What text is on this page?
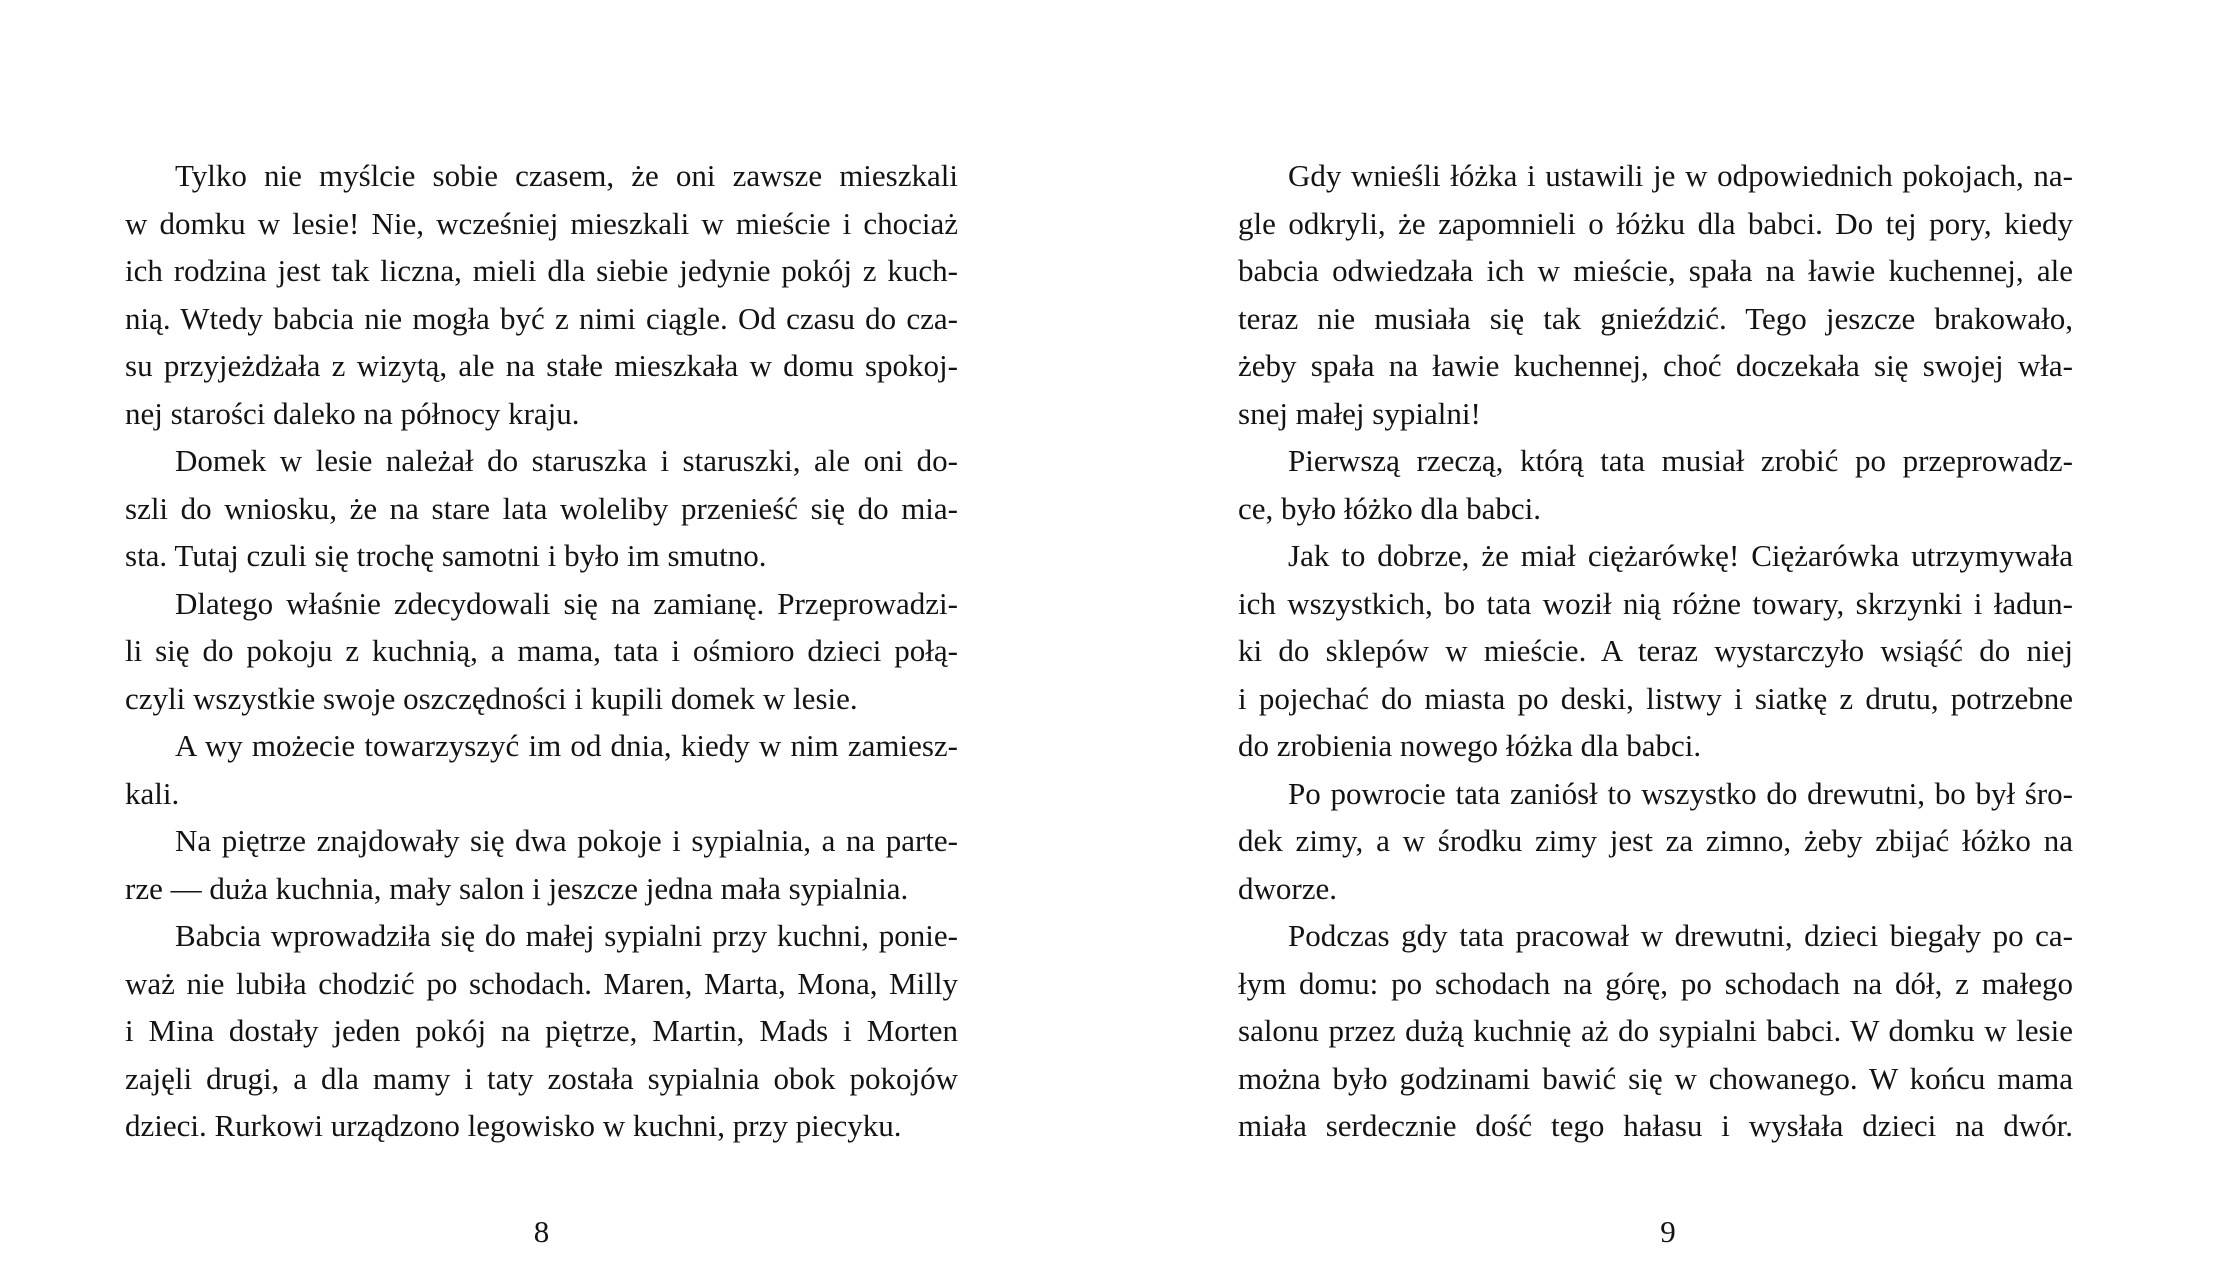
Tylko nie myślcie sobie czasem, że oni zawsze mieszkali
w domku w lesie! Nie, wcześniej mieszkali w mieście i chociaż
ich rodzina jest tak liczna, mieli dla siebie jedynie pokój z kuch-
nią. Wtedy babcia nie mogła być z nimi ciągle. Od czasu do cza-
su przyjeżdżała z wizytą, ale na stałe mieszkała w domu spokoj-
nej starości daleko na północy kraju.
Domek w lesie należał do staruszka i staruszki, ale oni do-
szli do wniosku, że na stare lata woleliby przenieść się do mia-
sta. Tutaj czuli się trochę samotni i było im smutno.
Dlatego właśnie zdecydowali się na zamianę. Przeprowadzi-
li się do pokoju z kuchnią, a mama, tata i ośmioro dzieci połą-
czyli wszystkie swoje oszczędności i kupili domek w lesie.
A wy możecie towarzyszyć im od dnia, kiedy w nim zamiesz-
kali.
Na piętrze znajdowały się dwa pokoje i sypialnia, a na parte-
rze — duża kuchnia, mały salon i jeszcze jedna mała sypialnia.
Babcia wprowadziła się do małej sypialni przy kuchni, ponie-
waż nie lubiła chodzić po schodach. Maren, Marta, Mona, Milly
i Mina dostały jeden pokój na piętrze, Martin, Mads i Morten
zajęli drugi, a dla mamy i taty została sypialnia obok pokojów
dzieci. Rurkowi urządzono legowisko w kuchni, przy piecyku.
8
Gdy wnieśli łóżka i ustawili je w odpowiednich pokojach, na-
gle odkryli, że zapomnieli o łóżku dla babci. Do tej pory, kiedy
babcia odwiedzała ich w mieście, spała na ławie kuchennej, ale
teraz nie musiała się tak gnieździć. Tego jeszcze brakowało,
żeby spała na ławie kuchennej, choć doczekała się swojej wła-
snej małej sypialni!
Pierwszą rzeczą, którą tata musiał zrobić po przeprowadz-
ce, było łóżko dla babci.
Jak to dobrze, że miał ciężarówkę! Ciężarówka utrzymywała
ich wszystkich, bo tata woził nią różne towary, skrzynki i ładun-
ki do sklepów w mieście. A teraz wystarczyło wsiąść do niej
i pojechać do miasta po deski, listwy i siatkę z drutu, potrzebne
do zrobienia nowego łóżka dla babci.
Po powrocie tata zaniósł to wszystko do drewutni, bo był śro-
dek zimy, a w środku zimy jest za zimno, żeby zbijać łóżko na
dworze.
Podczas gdy tata pracował w drewutni, dzieci biegały po ca-
łym domu: po schodach na górę, po schodach na dół, z małego
salonu przez dużą kuchnię aż do sypialni babci. W domku w lesie
można było godzinami bawić się w chowanego. W końcu mama
miała serdecznie dość tego hałasu i wysłała dzieci na dwór.
9
